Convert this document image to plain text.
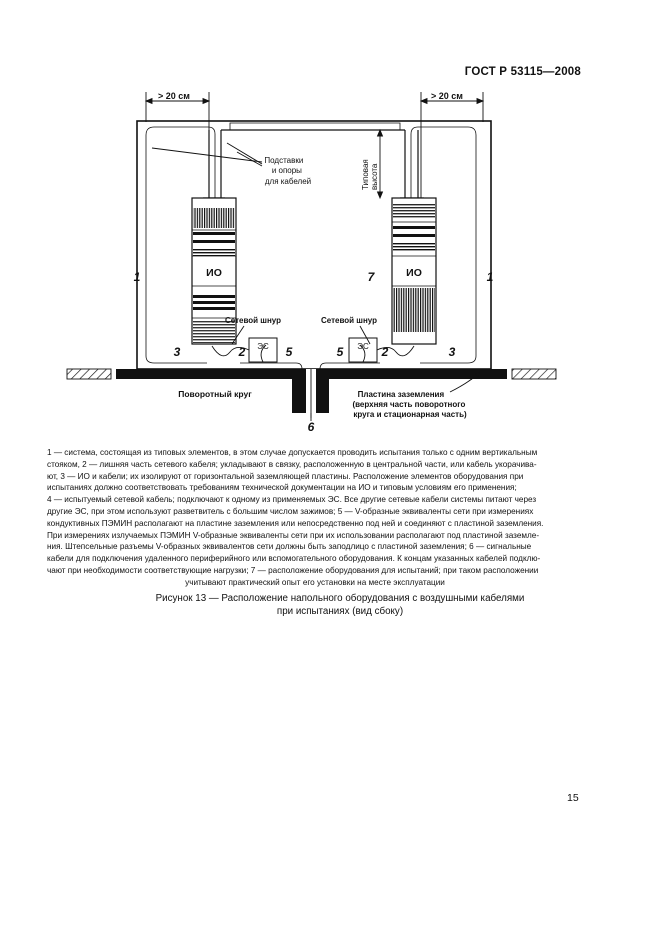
ГОСТ Р 53115—2008
> 20 см	> 20 см
Подставки и опоры для кабелей	Типовая высота
ИО	ИО
ЭС	ЭС
Сетевой шнур	Сетевой шнур
Поворотный круг	Пластина заземления (верхняя часть поворотного круга и стационарная часть)
1	1
7
3	3
2	2
5	5
6

1 — система, состоящая из типовых элементов, в этом случае допускается проводить испытания только с одним вертикальным

стояком, 2 — лишняя часть сетевого кабеля; укладывают в связку, расположенную в центральной части, или кабель укорачива-

ют, 3 — ИО и кабели; их изолируют от горизонтальной заземляющей пластины. Расположение элементов оборудования при

испытаниях должно соответствовать требованиям технической документации на ИО и типовым условиям его применения;

4 — испытуемый сетевой кабель; подключают к одному из применяемых ЭС. Все другие сетевые кабели системы питают через

другие ЭС, при этом используют разветвитель с большим числом зажимов; 5 — V-образные эквиваленты сети при измерениях

кондуктивных ПЭМИН располагают на пластине заземления или непосредственно под ней и соединяют с пластиной заземления.

При измерениях излучаемых ПЭМИН V-образные эквиваленты сети при их использовании располагают под пластиной заземле-

ния. Штепсельные разъемы V-образных эквивалентов сети должны быть заподлицо с пластиной заземления; 6 — сигнальные

кабели для подключения удаленного периферийного или вспомогательного оборудования. К концам указанных кабелей подклю-

чают при необходимости соответствующие нагрузки; 7 — расположение оборудования для испытаний; при таком расположении

учитывают практический опыт его установки на месте эксплуатации

Рисунок 13 — Расположение напольного оборудования с воздушными кабелями
при испытаниях (вид сбоку)
15
